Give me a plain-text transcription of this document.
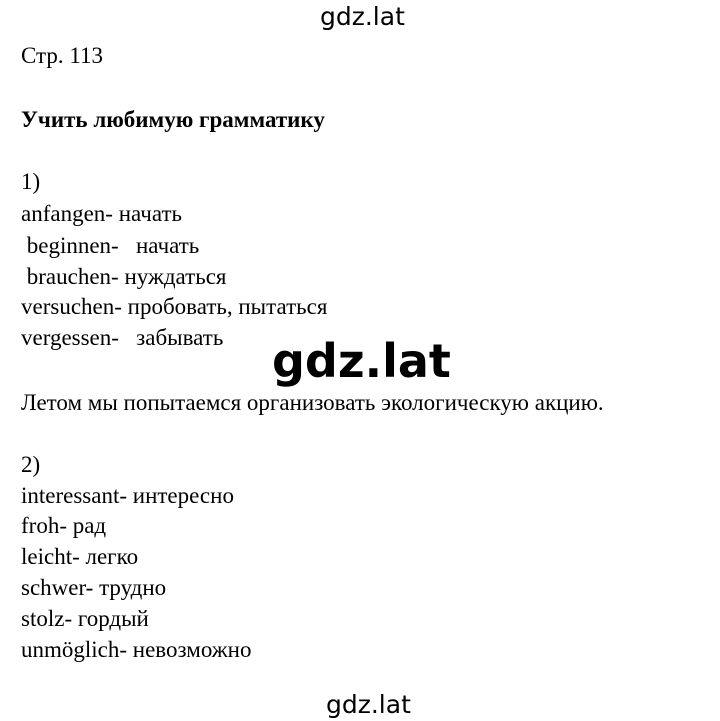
gdz.lat
Стр. 113
Учить любимую грамматику
1)
anfangen- начать
beginnen-   начать
brauchen- нуждаться
versuchen- пробовать, пытаться
vergessen-   забывать gdz.lat
Летом мы попытаемся организовать экологическую акцию.
2)
interessant- интересно
froh- рад
leicht- легко
schwer- трудно
stolz- гордый
unmöglich- невозможно
gdz.lat
